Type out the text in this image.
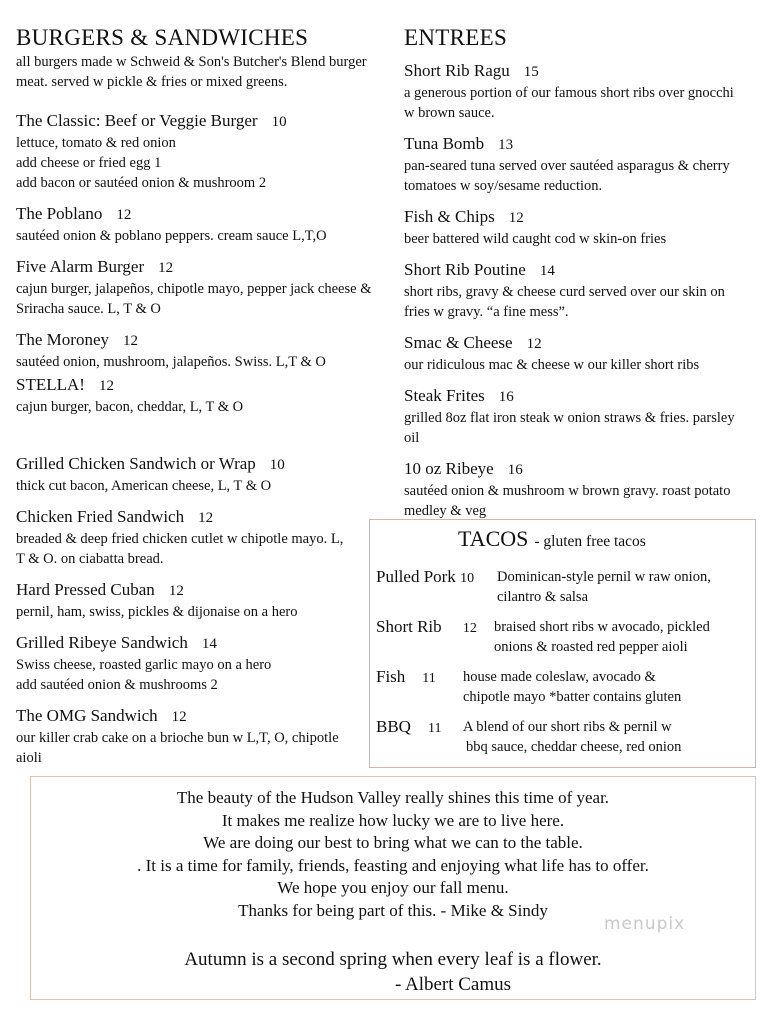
BURGERS & SANDWICHES
all burgers made w Schweid & Son's Butcher's Blend burger meat. served w pickle & fries or mixed greens.
The Classic: Beef or Veggie Burger 10
lettuce, tomato & red onion
add cheese or fried egg 1
add bacon or sautéed onion & mushroom 2
The Poblano 12
sautéed onion & poblano peppers. cream sauce L,T,O
Five Alarm Burger 12
cajun burger, jalapeños, chipotle mayo, pepper jack cheese & Sriracha sauce. L, T & O
The Moroney 12
sautéed onion, mushroom, jalapeños. Swiss. L,T & O
STELLA! 12
cajun burger, bacon, cheddar, L, T & O
Grilled Chicken Sandwich or Wrap 10
thick cut bacon, American cheese, L, T & O
Chicken Fried Sandwich 12
breaded & deep fried chicken cutlet w chipotle mayo. L, T & O. on ciabatta bread.
Hard Pressed Cuban 12
pernil, ham, swiss, pickles & dijonaise on a hero
Grilled Ribeye Sandwich 14
Swiss cheese, roasted garlic mayo on a hero
add sautéed onion & mushrooms 2
The OMG Sandwich 12
our killer crab cake on a brioche bun w L,T, O, chipotle aioli
ENTREES
Short Rib Ragu 15
a generous portion of our famous short ribs over gnocchi w brown sauce.
Tuna Bomb 13
pan-seared tuna served over sautéed asparagus & cherry tomatoes w soy/sesame reduction.
Fish & Chips 12
beer battered wild caught cod w skin-on fries
Short Rib Poutine 14
short ribs, gravy & cheese curd served over our skin on fries w gravy. “a fine mess”.
Smac & Cheese 12
our ridiculous mac & cheese w our killer short ribs
Steak Frites 16
grilled 8oz flat iron steak w onion straws & fries. parsley oil
10 oz Ribeye 16
sautéed onion & mushroom w brown gravy. roast potato medley & veg
TACOS - gluten free tacos
Pulled Pork 10 Dominican-style pernil w raw onion,
cilantro & salsa
Short Rib 12 braised short ribs w avocado, pickled
onions & roasted red pepper aioli
Fish 11 house made coleslaw, avocado &
chipotle mayo *batter contains gluten
BBQ 11 A blend of our short ribs & pernil w
bbq sauce, cheddar cheese, red onion
The beauty of the Hudson Valley really shines this time of year.
It makes me realize how lucky we are to live here.
We are doing our best to bring what we can to the table.
. It is a time for family, friends, feasting and enjoying what life has to offer.
We hope you enjoy our fall menu.
Thanks for being part of this. - Mike & Sindy
Autumn is a second spring when every leaf is a flower.
- Albert Camus
menupix
